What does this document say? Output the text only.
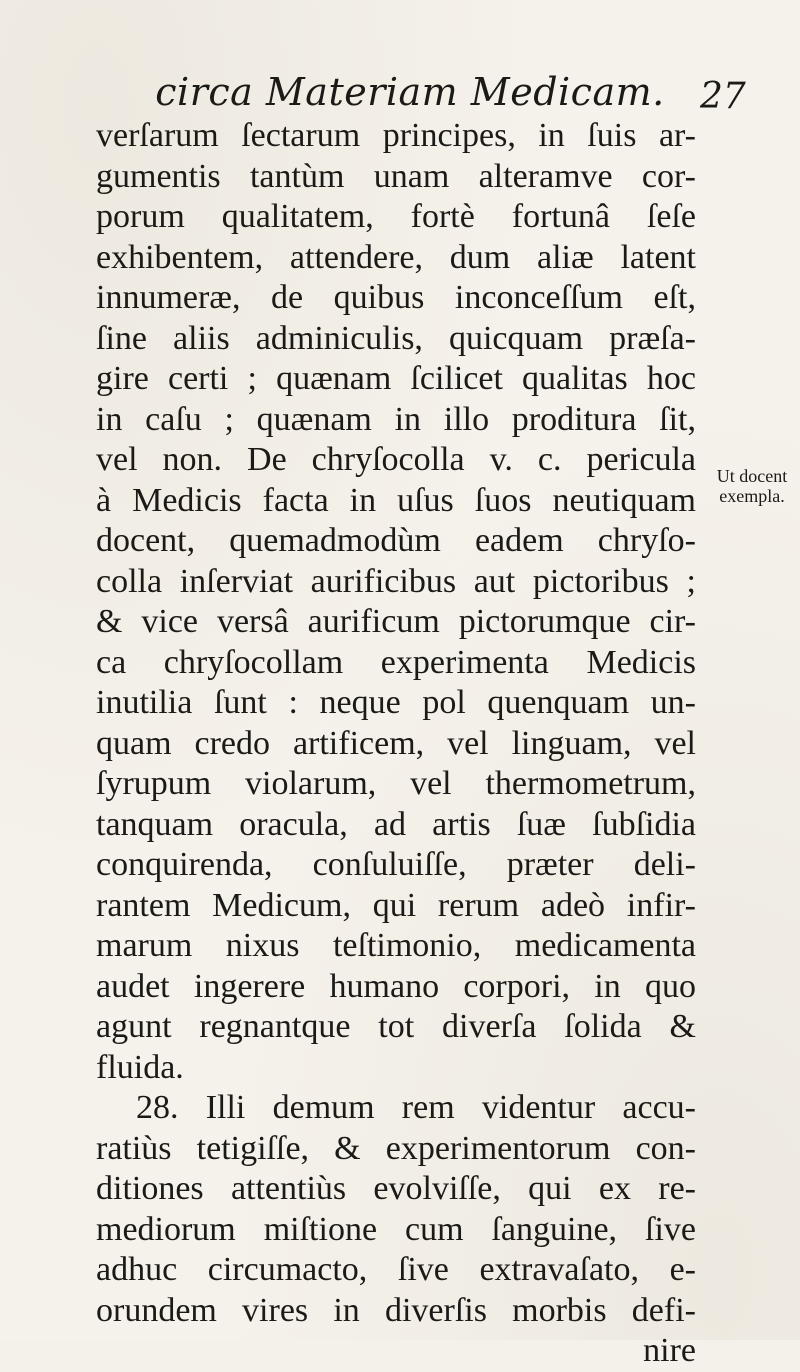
circa Materiam Medicam. 27
Ut docent
exempla.
verſarum ſectarum principes, in ſuis ar-
gumentis tantùm unam alteramve cor-
porum qualitatem, fortè fortunâ ſeſe
exhibentem, attendere, dum aliæ latent
innumeræ, de quibus inconceſſum eſt,
ſine aliis adminiculis, quicquam præſa-
gire certi ; quænam ſcilicet qualitas hoc
in caſu ; quænam in illo proditura ſit,
vel non. De chryſocolla v. c. pericula
à Medicis facta in uſus ſuos neutiquam
docent, quemadmodùm eadem chryſo-
colla inſerviat aurificibus aut pictoribus ;
& vice versâ aurificum pictorumque cir-
ca chryſocollam experimenta Medicis
inutilia ſunt : neque pol quenquam un-
quam credo artificem, vel linguam, vel
ſyrupum violarum, vel thermometrum,
tanquam oracula, ad artis ſuæ ſubſidia
conquirenda, conſuluiſſe, præter deli-
rantem Medicum, qui rerum adeò infir-
marum nixus teſtimonio, medicamenta
audet ingerere humano corpori, in quo
agunt regnantque tot diverſa ſolida &
fluida.
28. Illi demum rem videntur accu-
ratiùs tetigiſſe, & experimentorum con-
ditiones attentiùs evolviſſe, qui ex re-
mediorum miſtione cum ſanguine, ſive
adhuc circumacto, ſive extravaſato, e-
orundem vires in diverſis morbis defi-
nire
